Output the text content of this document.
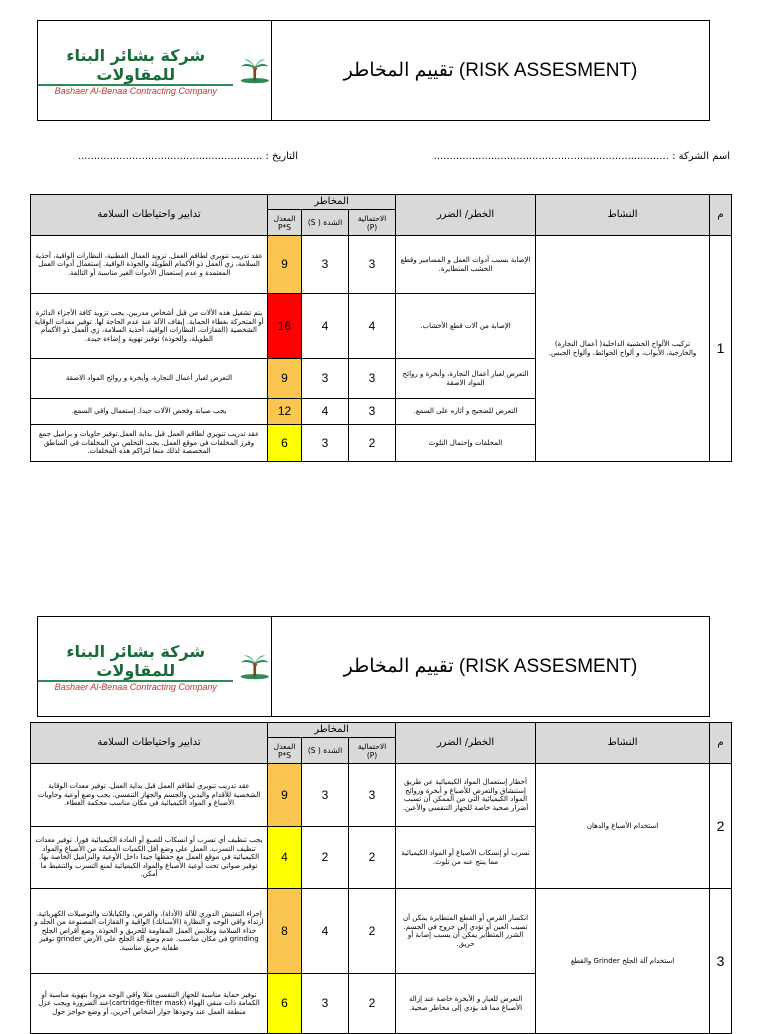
شركة بشائر البناء للمقاولات
Bashaer Al-Benaa Contracting Company
تقييم المخاطر (RISK ASSESMENT)
اسم الشركة : ..........................................................................
التاريخ : ..........................................................
م	النشاط	الخطر/ الضرر	المخاطر			تدابير واحتياطات السلامة
			الاحتمالية (P)	الشدة ( S)	المعدل P*S	
1	تركيب الألواح الخشبية الداخلية( أعمال النجارة) والخارجية، الأبواب، و ألواح الحوائط، وألواح الجبس.	الإصابة بسبب أدوات العمل و المسامير وقطع الخشب المتطايرة.	3	3	9	عقد تدريب تنويري لطاقم العمل. تزويد العمال القطنية، النظارات الواقية، أحذية السلامة، زي العمل ذو الأكمام الطويلة والخوذة الواقية. إستعمال أدوات العمل المعتمدة و عدم إستعمال الأدوات الغير مناسبة أو التالفة.
		الإصابة من آلات قطع الأخشاب.	4	4	16	يتم تشغيل هذه الألات من قبل أشخاص مدربين. يجب تزويد كافة الأجزاء الدائرة أو المتحركة بغطاء الحماية. إيقاف الآلة عند عدم الحاجة لها. توفير معدات الوقاية الشخصية (القفازات، النظارات الواقية، أحذية السلامة، زي العمل ذو الأكمام الطويلة، والخوذة) توفير تهوية و إضاءة جيدة.
		التعرض لغبار أعمال النجارة، وأبخرة و روائح المواد الاصقة	3	3	9	التعرض لغبار أعمال النجارة، وأبخرة و روائح المواد الاصقة
		التعرض للضجيج و أثاره على السمع.	3	4	12	يجب صيانة وفحص الألات جيدا. إستعمال واقي السمع.
		المخلفات وإحتمال التلوث	2	3	6	عقد تدريب تنويري لطاقم العمل قبل بداية العمل.توفير حاويات و براميل جمع وفرز المخلفات في موقع العمل. يجب التخلص من المخلفات في المناطق المخصصة لذلك منعا لتراكم هذه المخلفات.
شركة بشائر البناء للمقاولات
Bashaer Al-Benaa Contracting Company
تقييم المخاطر (RISK ASSESMENT)
م	النشاط	الخطر/ الضرر	المخاطر			تدابير واحتياطات السلامة
			الاحتمالية (P)	الشدة ( S)	المعدل P*S	
2	استخدام الأصباغ والدهان	أخطار إستعمال المواد الكيميائية عن طريق إستنشاق والتعرض للأصباغ و أبخرة وروائح المواد الكيميائية التي من الممكن أن تسبب أضرار صحية خاصة للجهاز التنفسي والأعين.	3	3	9	عقد تدريب تنويري لطاقم العمل قبل بداية العمل. توفير معدات الوقاية الشخصية للأقدام واليدين والجسم والجهاز التنفسي. يجب وضع أوعية وحاويات الأصباغ و المواد الكيميائية في مكان مناسب محكمة الغطاء.
		تسرب أو إنسكاب الأصباغ أو المواد الكيميائية مما ينتج عنه من تلوث.	2	2	4	يجب تنظيف أي تسرب أو انسكاب للصبغ أو المادة الكيميائية فورا. توفير معدات تنظيف التسرب. العمل على وضع أقل الكميات الممكنة من الأصباغ والمواد الكيميائية في موقع العمل مع حفظها جيدا داخل الأوعية والبراميل الخاصة بها. توفير صواني تحت أوعية الأصباغ والمواد الكيميائية لمنع التسرب والتنقيط ما أمكن.
3	استخدام آلة الجلخ Grinder والقطع	انكسار القرص أو القطع المتطايرة يمكن أن تصيب العين أو تؤدي إلى جروح في الجسم. الشرر المتطاير يمكن أن يسبب إصابة أو حريق.	2	4	8	إجراء التفتيش الدوري للآلة (الأداة)، والقرص، والكيابلات والتوصيلات الكهربائية. ارتداء واقي الوجه و النظارة (الأسنانك) الواقية و القفازات المصنوعة من الجلد و حذاء السلامة وملابس العمل المقاومة للحريق و الخوذة. وضع أقراص الجلخ grinding في مكان مناسب. عدم وضع آلة الجلخ على الأرض grinder توفير طفاية حريق مناسبة.
		التعرض للغبار و الأبخرة خاصة عند إزالة الأصباغ مما قد يؤدي إلى مخاطر صحية.	2	3	6	توفير حماية مناسبة للجهاز التنفسي مثلا واقي الوجه مزودا بتهوية مناسبة أو الكمامة ذات منقي الهواء (cartridge-filter mask)عند الضرورة ويجب عزل منطقة العمل عند وجودها جوار أشخاص آخرين، أو وضع حواجز حول
